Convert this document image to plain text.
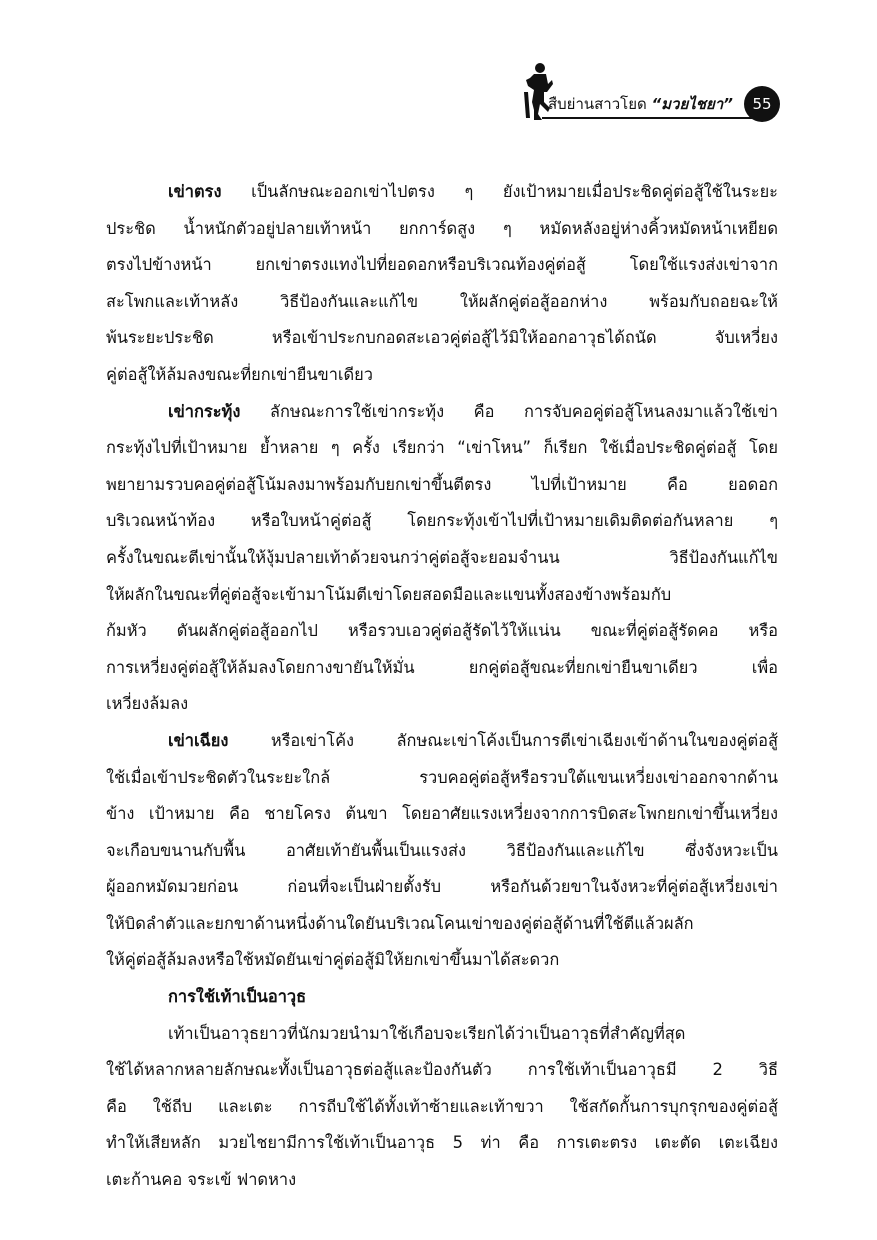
สืบย่านสาวโยด “มวยไชยา”	55
เข่าตรง เป็นลักษณะออกเข่าไปตรง ๆ ยังเป้าหมายเมื่อประชิดคู่ต่อสู้ใช้ในระยะ
ประชิด น้ำหนักตัวอยู่ปลายเท้าหน้า ยกการ์ดสูง ๆ หมัดหลังอยู่ห่างคิ้วหมัดหน้าเหยียด
ตรงไปข้างหน้า ยกเข่าตรงแทงไปที่ยอดอกหรือบริเวณท้องคู่ต่อสู้ โดยใช้แรงส่งเข่าจาก
สะโพกและเท้าหลัง วิธีป้องกันและแก้ไข ให้ผลักคู่ต่อสู้ออกห่าง พร้อมกับถอยฉะให้
พ้นระยะประชิด หรือเข้าประกบกอดสะเอวคู่ต่อสู้ไว้มิให้ออกอาวุธได้ถนัด จับเหวี่ยง
คู่ต่อสู้ให้ล้มลงขณะที่ยกเข่ายืนขาเดียว
เข่ากระทุ้ง ลักษณะการใช้เข่ากระทุ้ง คือ การจับคอคู่ต่อสู้โหนลงมาแล้วใช้เข่า
กระทุ้งไปที่เป้าหมาย ย้ำหลาย ๆ ครั้ง เรียกว่า “เข่าโหน” ก็เรียก ใช้เมื่อประชิดคู่ต่อสู้ โดย
พยายามรวบคอคู่ต่อสู้โน้มลงมาพร้อมกับยกเข่าขึ้นตีตรง ไปที่เป้าหมาย คือ ยอดอก
บริเวณหน้าท้อง หรือใบหน้าคู่ต่อสู้ โดยกระทุ้งเข้าไปที่เป้าหมายเดิมติดต่อกันหลาย ๆ
ครั้งในขณะตีเข่านั้นให้งุ้มปลายเท้าด้วยจนกว่าคู่ต่อสู้จะยอมจำนน วิธีป้องกันแก้ไข
ให้ผลักในขณะที่คู่ต่อสู้จะเข้ามาโน้มตีเข่าโดยสอดมือและแขนทั้งสองข้างพร้อมกับ
ก้มหัว ดันผลักคู่ต่อสู้ออกไป หรือรวบเอวคู่ต่อสู้รัดไว้ให้แน่น ขณะที่คู่ต่อสู้รัดคอ หรือ
การเหวี่ยงคู่ต่อสู้ให้ล้มลงโดยกางขายันให้มั่น ยกคู่ต่อสู้ขณะที่ยกเข่ายืนขาเดียว เพื่อ
เหวี่ยงล้มลง
เข่าเฉียง หรือเข่าโค้ง ลักษณะเข่าโค้งเป็นการตีเข่าเฉียงเข้าด้านในของคู่ต่อสู้
ใช้เมื่อเข้าประชิดตัวในระยะใกล้ รวบคอคู่ต่อสู้หรือรวบใต้แขนเหวี่ยงเข่าออกจากด้าน
ข้าง เป้าหมาย คือ ชายโครง ต้นขา โดยอาศัยแรงเหวี่ยงจากการบิดสะโพกยกเข่าขึ้นเหวี่ยง
จะเกือบขนานกับพื้น อาศัยเท้ายันพื้นเป็นแรงส่ง วิธีป้องกันและแก้ไข ซึ่งจังหวะเป็น
ผู้ออกหมัดมวยก่อน ก่อนที่จะเป็นฝ่ายตั้งรับ หรือกันด้วยขาในจังหวะที่คู่ต่อสู้เหวี่ยงเข่า
ให้บิดลำตัวและยกขาด้านหนึ่งด้านใดยันบริเวณโคนเข่าของคู่ต่อสู้ด้านที่ใช้ตีแล้วผลัก
ให้คู่ต่อสู้ล้มลงหรือใช้หมัดยันเข่าคู่ต่อสู้มิให้ยกเข่าขึ้นมาได้สะดวก
การใช้เท้าเป็นอาวุธ
เท้าเป็นอาวุธยาวที่นักมวยนำมาใช้เกือบจะเรียกได้ว่าเป็นอาวุธที่สำคัญที่สุด
ใช้ได้หลากหลายลักษณะทั้งเป็นอาวุธต่อสู้และป้องกันตัว การใช้เท้าเป็นอาวุธมี 2 วิธี
คือ ใช้ถีบ และเตะ การถีบใช้ได้ทั้งเท้าซ้ายและเท้าขวา ใช้สกัดกั้นการบุกรุกของคู่ต่อสู้
ทำให้เสียหลัก มวยไชยามีการใช้เท้าเป็นอาวุธ 5 ท่า คือ การเตะตรง เตะตัด เตะเฉียง
เตะก้านคอ จระเข้ ฟาดหาง
